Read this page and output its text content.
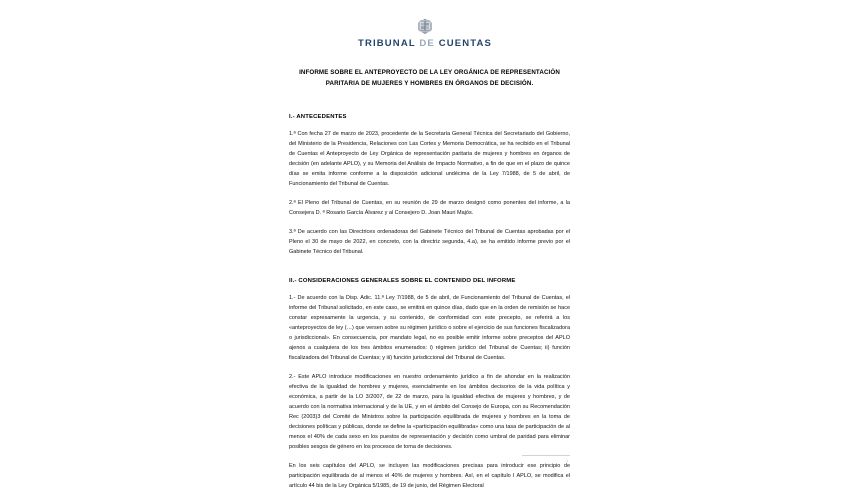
TRIBUNAL DE CUENTAS
INFORME SOBRE EL ANTEPROYECTO DE LA LEY ORGÁNICA DE REPRESENTACIÓN PARITARIA DE MUJERES Y HOMBRES EN ÓRGANOS DE DECISIÓN.
I.- ANTECEDENTES

1.ª Con fecha 27 de marzo de 2023, procedente de la Secretaría General Técnica del Secretariado del Gobierno, del Ministerio de la Presidencia, Relaciones con Las Cortes y Memoria Democrática, se ha recibido en el Tribunal de Cuentas el Anteproyecto de Ley Orgánica de representación paritaria de mujeres y hombres en órganos de decisión (en adelante APLO), y su Memoria del Análisis de Impacto Normativo, a fin de que en el plazo de quince días se emita informe conforme a la disposición adicional undécima de la Ley 7/1988, de 5 de abril, de Funcionamiento del Tribunal de Cuentas.

2.ª El Pleno del Tribunal de Cuentas, en su reunión de 29 de marzo designó como ponentes del informe, a la Consejera D. ª Rosario García Álvarez y al Consejero D. Joan Mauri Majós.

3.ª De acuerdo con las Directrices ordenadoras del Gabinete Técnico del Tribunal de Cuentas aprobadas por el Pleno el 30 de mayo de 2022, en concreto, con la directriz segunda, 4.a), se ha emitido informe previo por el Gabinete Técnico del Tribunal.

II.- CONSIDERACIONES GENERALES SOBRE EL CONTENIDO DEL INFORME

1.- De acuerdo con la Disp. Adic. 11.ª Ley 7/1988, de 5 de abril, de Funcionamiento del Tribunal de Cuentas, el informe del Tribunal solicitado, en este caso, se emitirá en quince días, dado que en la orden de remisión se hace constar expresamente la urgencia, y su contenido, de conformidad con este precepto, se referirá a los «anteproyectos de ley (…) que versen sobre su régimen jurídico o sobre el ejercicio de sus funciones fiscalizadora o jurisdiccional». En consecuencia, por mandato legal, no es posible emitir informe sobre preceptos del APLO ajenos a cualquiera de los tres ámbitos enumerados: i) régimen jurídico del Tribunal de Cuentas; ii) función fiscalizadora del Tribunal de Cuentas; y iii) función jurisdiccional del Tribunal de Cuentas.

2.- Este APLO introduce modificaciones en nuestro ordenamiento jurídico a fin de ahondar en la realización efectiva de la igualdad de hombres y mujeres, esencialmente en los ámbitos decisorios de la vida política y económica, a partir de la LO 3/2007, de 22 de marzo, para la igualdad efectiva de mujeres y hombres, y de acuerdo con la normativa internacional y de la UE, y en el ámbito del Consejo de Europa, con su Recomendación Rec (2003)3 del Comité de Ministros sobre la participación equilibrada de mujeres y hombres en la toma de decisiones políticas y públicas, donde se define la «participación equilibrada» como una tasa de participación de al menos el 40% de cada sexo en los puestos de representación y decisión como umbral de paridad para eliminar posibles sesgos de género en los procesos de toma de decisiones.

En los seis capítulos del APLO, se incluyen las modificaciones precisas para introducir ese principio de participación equilibrada de al menos el 40% de mujeres y hombres. Así, en el capítulo I APLO, se modifica el artículo 44 bis de la Ley Orgánica 5/1985, de 19 de junio, del Régimen Electoral

1
